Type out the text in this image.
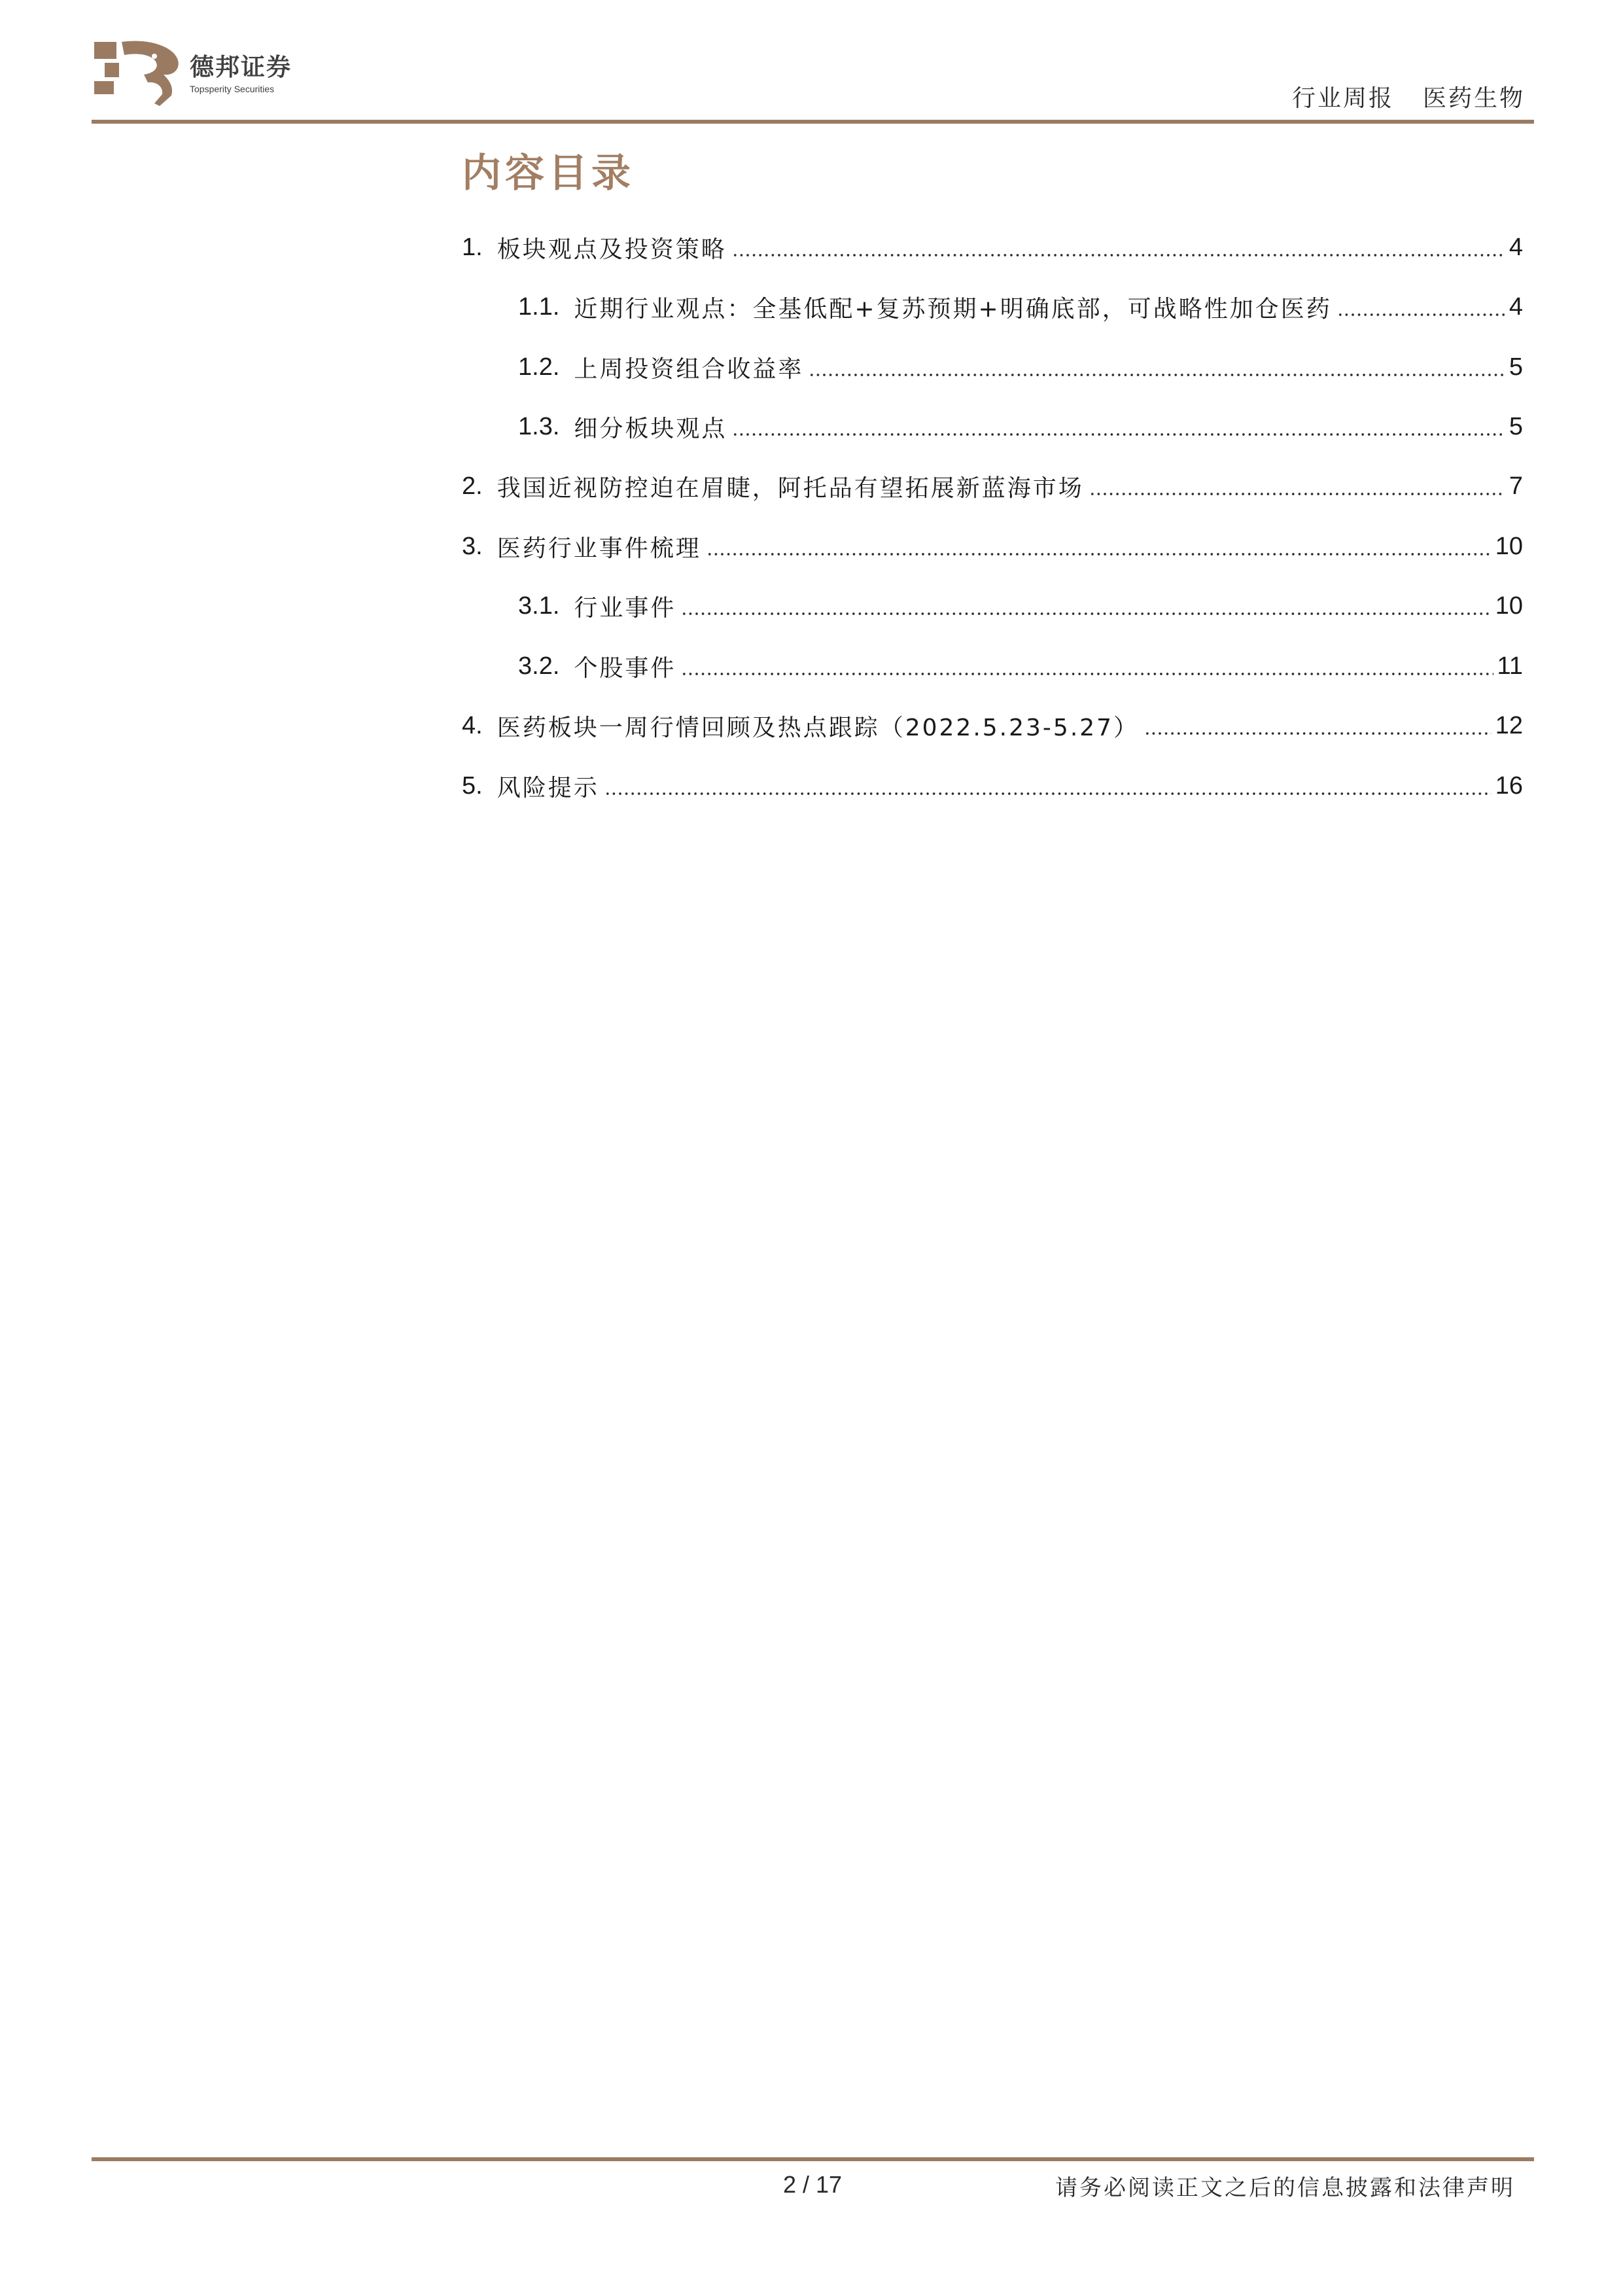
德邦证券
Topsperity Securities	行业周报 医药生物
内容目录
1. 板块观点及投资策略	4
1.1. 近期行业观点：全基低配+复苏预期+明确底部，可战略性加仓医药	4
1.2. 上周投资组合收益率	5
1.3. 细分板块观点	5
2. 我国近视防控迫在眉睫，阿托品有望拓展新蓝海市场	7
3. 医药行业事件梳理	10
3.1. 行业事件	10
3.2. 个股事件	11
4. 医药板块一周行情回顾及热点跟踪（2022.5.23-5.27）	12
5. 风险提示	16
2 / 17	请务必阅读正文之后的信息披露和法律声明
